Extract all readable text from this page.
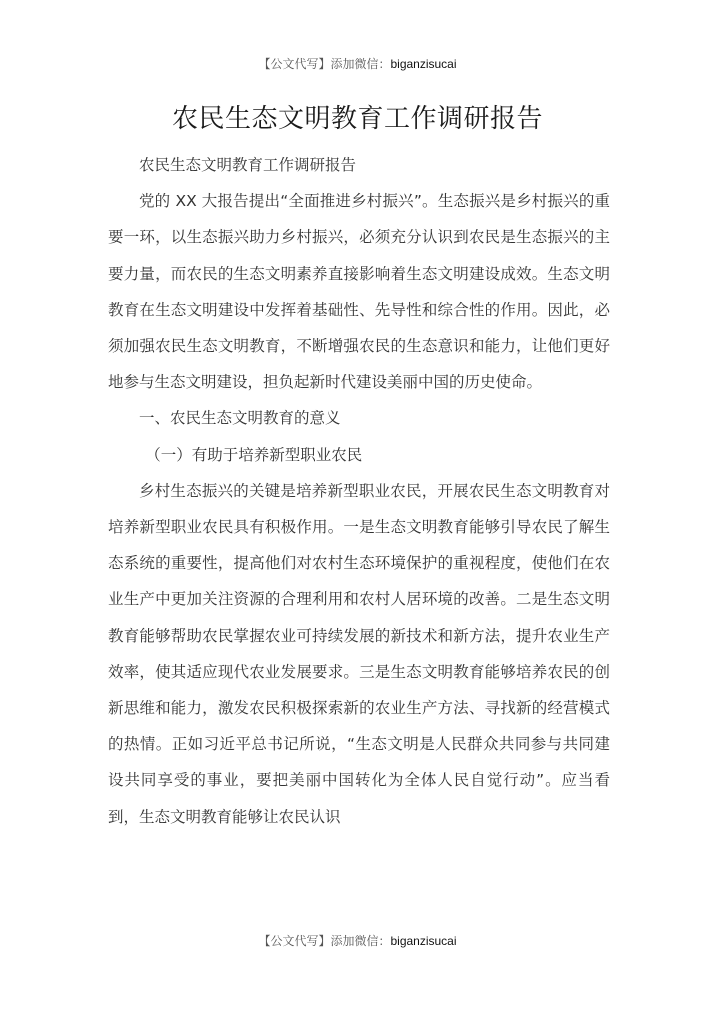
【公文代写】添加微信：biganzisucai
农民生态文明教育工作调研报告

农民生态文明教育工作调研报告

党的 XX 大报告提出“全面推进乡村振兴”。生态振兴是乡村振兴的重要一环，以生态振兴助力乡村振兴，必须充分认识到农民是生态振兴的主要力量，而农民的生态文明素养直接影响着生态文明建设成效。生态文明教育在生态文明建设中发挥着基础性、先导性和综合性的作用。因此，必须加强农民生态文明教育，不断增强农民的生态意识和能力，让他们更好地参与生态文明建设，担负起新时代建设美丽中国的历史使命。

一、农民生态文明教育的意义

（一）有助于培养新型职业农民

乡村生态振兴的关键是培养新型职业农民，开展农民生态文明教育对培养新型职业农民具有积极作用。一是生态文明教育能够引导农民了解生态系统的重要性，提高他们对农村生态环境保护的重视程度，使他们在农业生产中更加关注资源的合理利用和农村人居环境的改善。二是生态文明教育能够帮助农民掌握农业可持续发展的新技术和新方法，提升农业生产效率，使其适应现代农业发展要求。三是生态文明教育能够培养农民的创新思维和能力，激发农民积极探索新的农业生产方法、寻找新的经营模式的热情。正如习近平总书记所说，“生态文明是人民群众共同参与共同建设共同享受的事业，要把美丽中国转化为全体人民自觉行动”。应当看到，生态文明教育能够让农民认识

【公文代写】添加微信：biganzisucai
